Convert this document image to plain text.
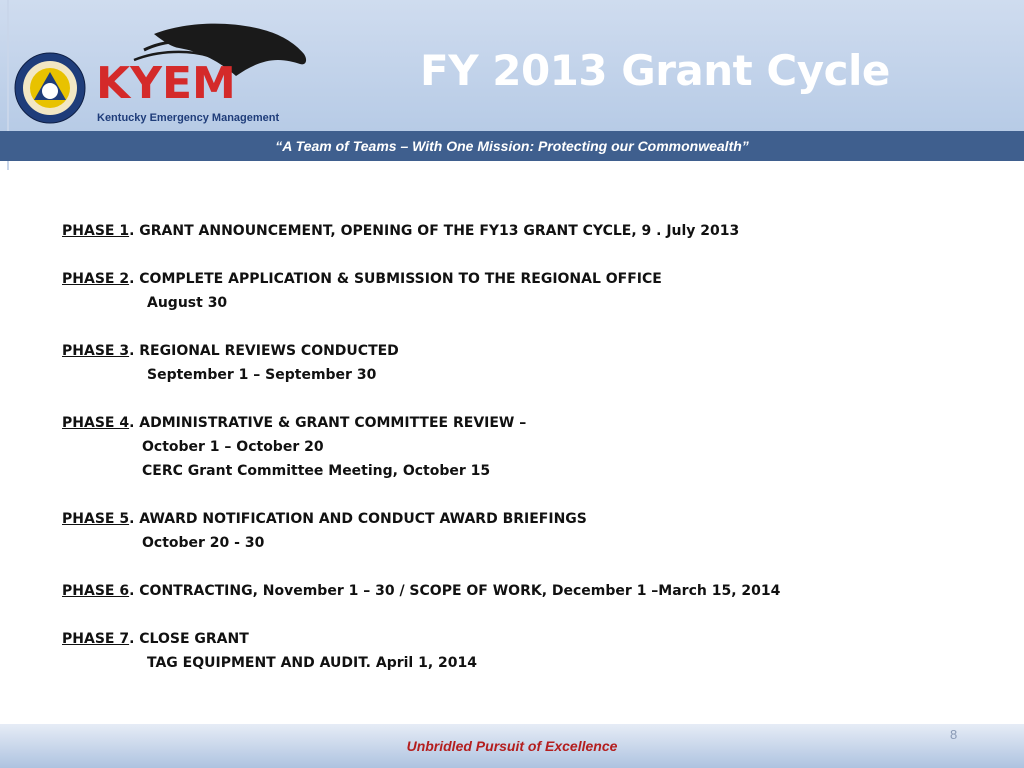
KYEM
Kentucky Emergency Management
FY 2013 Grant Cycle
“A Team of Teams – With One Mission: Protecting our Commonwealth”
PHASE 1. GRANT ANNOUNCEMENT, OPENING OF THE FY13 GRANT CYCLE, 9 . July 2013
PHASE 2. COMPLETE APPLICATION & SUBMISSION TO THE REGIONAL OFFICE
August 30
PHASE 3. REGIONAL REVIEWS CONDUCTED
September 1 – September 30
PHASE 4. ADMINISTRATIVE & GRANT COMMITTEE REVIEW –
October 1 – October 20
CERC Grant Committee Meeting, October 15
PHASE 5. AWARD NOTIFICATION AND CONDUCT AWARD BRIEFINGS
October 20 - 30
PHASE 6. CONTRACTING, November 1 – 30 / SCOPE OF WORK, December 1 –March 15, 2014
PHASE 7. CLOSE GRANT
TAG EQUIPMENT AND AUDIT. April 1, 2014
Unbridled Pursuit of Excellence
8
